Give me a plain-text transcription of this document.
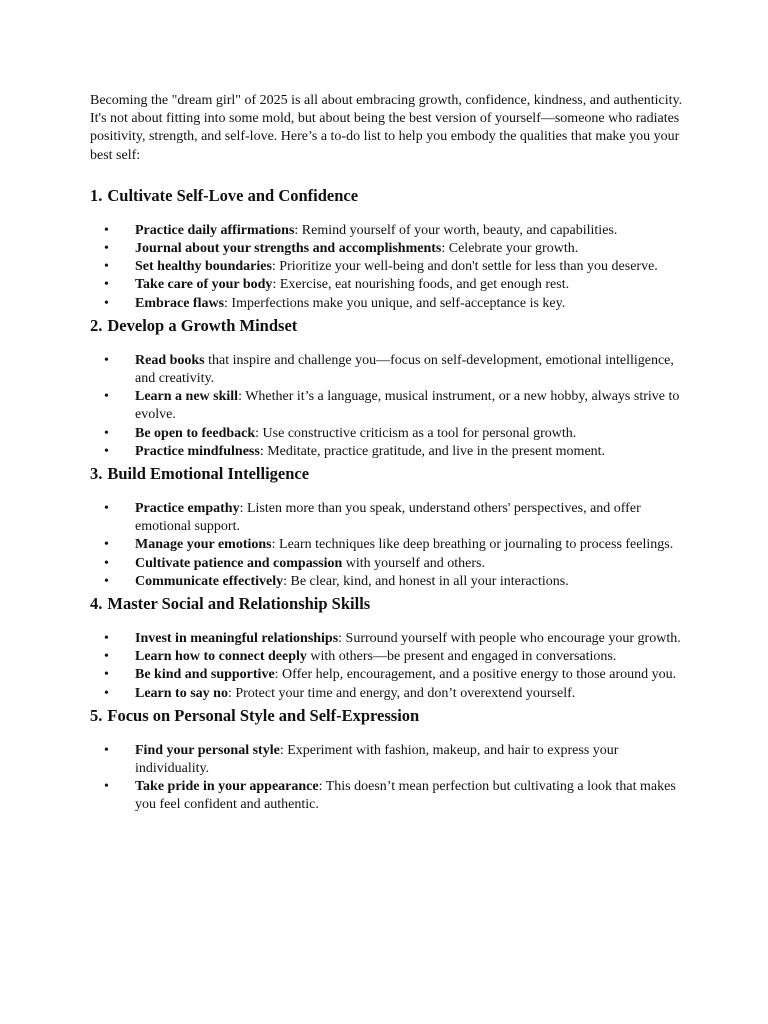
Becoming the "dream girl" of 2025 is all about embracing growth, confidence, kindness, and authenticity. It's not about fitting into some mold, but about being the best version of yourself—someone who radiates positivity, strength, and self-love. Here’s a to-do list to help you embody the qualities that make you your best self:

1. Cultivate Self-Love and Confidence
• Practice daily affirmations: Remind yourself of your worth, beauty, and capabilities.
• Journal about your strengths and accomplishments: Celebrate your growth.
• Set healthy boundaries: Prioritize your well-being and don't settle for less than you deserve.
• Take care of your body: Exercise, eat nourishing foods, and get enough rest.
• Embrace flaws: Imperfections make you unique, and self-acceptance is key.
2. Develop a Growth Mindset
• Read books that inspire and challenge you—focus on self-development, emotional intelligence, and creativity.
• Learn a new skill: Whether it’s a language, musical instrument, or a new hobby, always strive to evolve.
• Be open to feedback: Use constructive criticism as a tool for personal growth.
• Practice mindfulness: Meditate, practice gratitude, and live in the present moment.
3. Build Emotional Intelligence
• Practice empathy: Listen more than you speak, understand others' perspectives, and offer emotional support.
• Manage your emotions: Learn techniques like deep breathing or journaling to process feelings.
• Cultivate patience and compassion with yourself and others.
• Communicate effectively: Be clear, kind, and honest in all your interactions.
4. Master Social and Relationship Skills
• Invest in meaningful relationships: Surround yourself with people who encourage your growth.
• Learn how to connect deeply with others—be present and engaged in conversations.
• Be kind and supportive: Offer help, encouragement, and a positive energy to those around you.
• Learn to say no: Protect your time and energy, and don’t overextend yourself.
5. Focus on Personal Style and Self-Expression
• Find your personal style: Experiment with fashion, makeup, and hair to express your individuality.
• Take pride in your appearance: This doesn’t mean perfection but cultivating a look that makes you feel confident and authentic.
